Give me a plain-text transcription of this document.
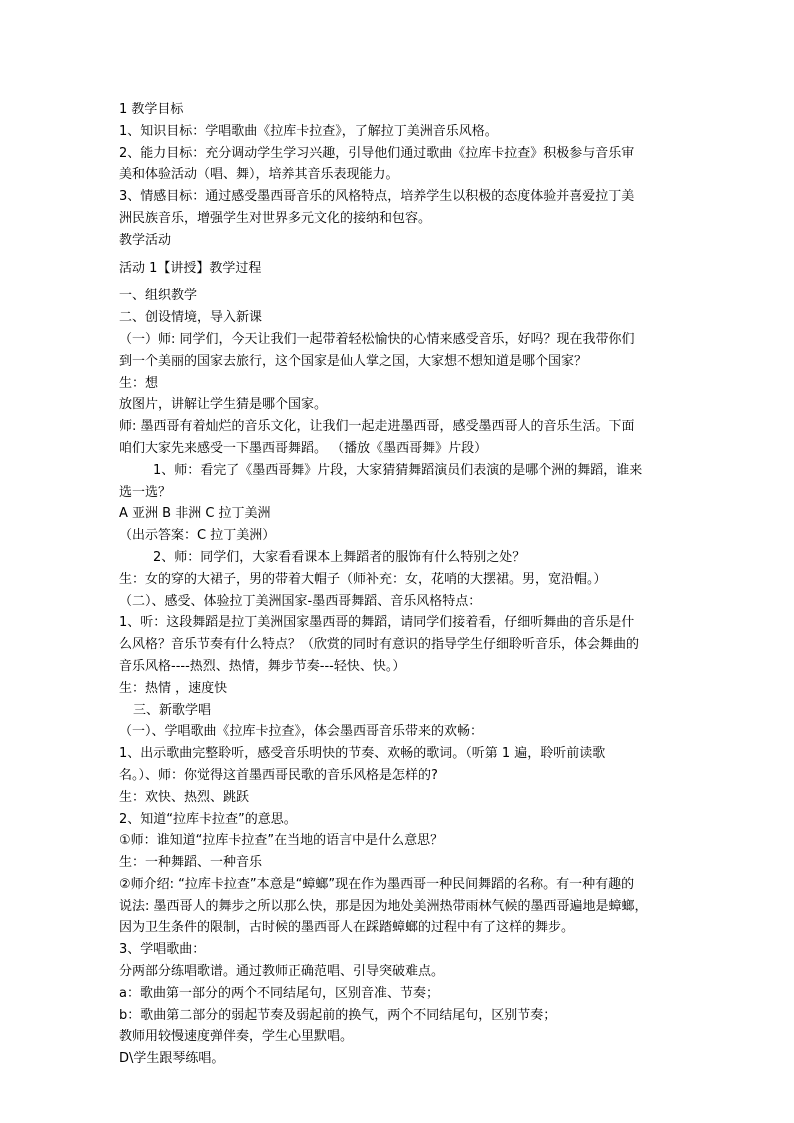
1 教学目标
1、知识目标：学唱歌曲《拉库卡拉查》，了解拉丁美洲音乐风格。
2、能力目标：充分调动学生学习兴趣，引导他们通过歌曲《拉库卡拉查》积极参与音乐审
美和体验活动（唱、舞），培养其音乐表现能力。
3、情感目标：通过感受墨西哥音乐的风格特点，培养学生以积极的态度体验并喜爱拉丁美
洲民族音乐，增强学生对世界多元文化的接纳和包容。
教学活动
活动 1【讲授】教学过程
一、组织教学
二、创设情境，导入新课
（一）师: 同学们，今天让我们一起带着轻松愉快的心情来感受音乐，好吗？现在我带你们
到一个美丽的国家去旅行，这个国家是仙人掌之国，大家想不想知道是哪个国家？
生：想
放图片，讲解让学生猜是哪个国家。
师: 墨西哥有着灿烂的音乐文化，让我们一起走进墨西哥，感受墨西哥人的音乐生活。下面
咱们大家先来感受一下墨西哥舞蹈。 （播放《墨西哥舞》片段）
1、师：看完了《墨西哥舞》片段，大家猜猜舞蹈演员们表演的是哪个洲的舞蹈，谁来
选一选？
A 亚洲 B 非洲 C 拉丁美洲
（出示答案：C 拉丁美洲）
2、师：同学们，大家看看课本上舞蹈者的服饰有什么特别之处？
生：女的穿的大裙子，男的带着大帽子（师补充：女，花哨的大摆裙。男，宽沿帽。）
（二）、感受、体验拉丁美洲国家-墨西哥舞蹈、音乐风格特点：
1、听：这段舞蹈是拉丁美洲国家墨西哥的舞蹈，请同学们接着看，仔细听舞曲的音乐是什
么风格？音乐节奏有什么特点？（欣赏的同时有意识的指导学生仔细聆听音乐，体会舞曲的
音乐风格----热烈、热情，舞步节奏---轻快、快。）
生：热情 ，速度快
三、新歌学唱
（一）、学唱歌曲《拉库卡拉查》，体会墨西哥音乐带来的欢畅：
1、出示歌曲完整聆听，感受音乐明快的节奏、欢畅的歌词。（听第 1 遍，聆听前读歌
名。）、师：你觉得这首墨西哥民歌的音乐风格是怎样的?
生：欢快、热烈、跳跃
2、知道“拉库卡拉查”的意思。
①师：谁知道“拉库卡拉查”在当地的语言中是什么意思？
生：一种舞蹈、一种音乐
②师介绍: “拉库卡拉查”本意是“蟑螂”现在作为墨西哥一种民间舞蹈的名称。有一种有趣的
说法: 墨西哥人的舞步之所以那么快，那是因为地处美洲热带雨林气候的墨西哥遍地是蟑螂，
因为卫生条件的限制，古时候的墨西哥人在踩踏蟑螂的过程中有了这样的舞步。
3、学唱歌曲：
分两部分练唱歌谱。通过教师正确范唱、引导突破难点。
a：歌曲第一部分的两个不同结尾句，区别音准、节奏；
b：歌曲第二部分的弱起节奏及弱起前的换气，两个不同结尾句，区别节奏；
教师用较慢速度弹伴奏，学生心里默唱。
D\学生跟琴练唱。
